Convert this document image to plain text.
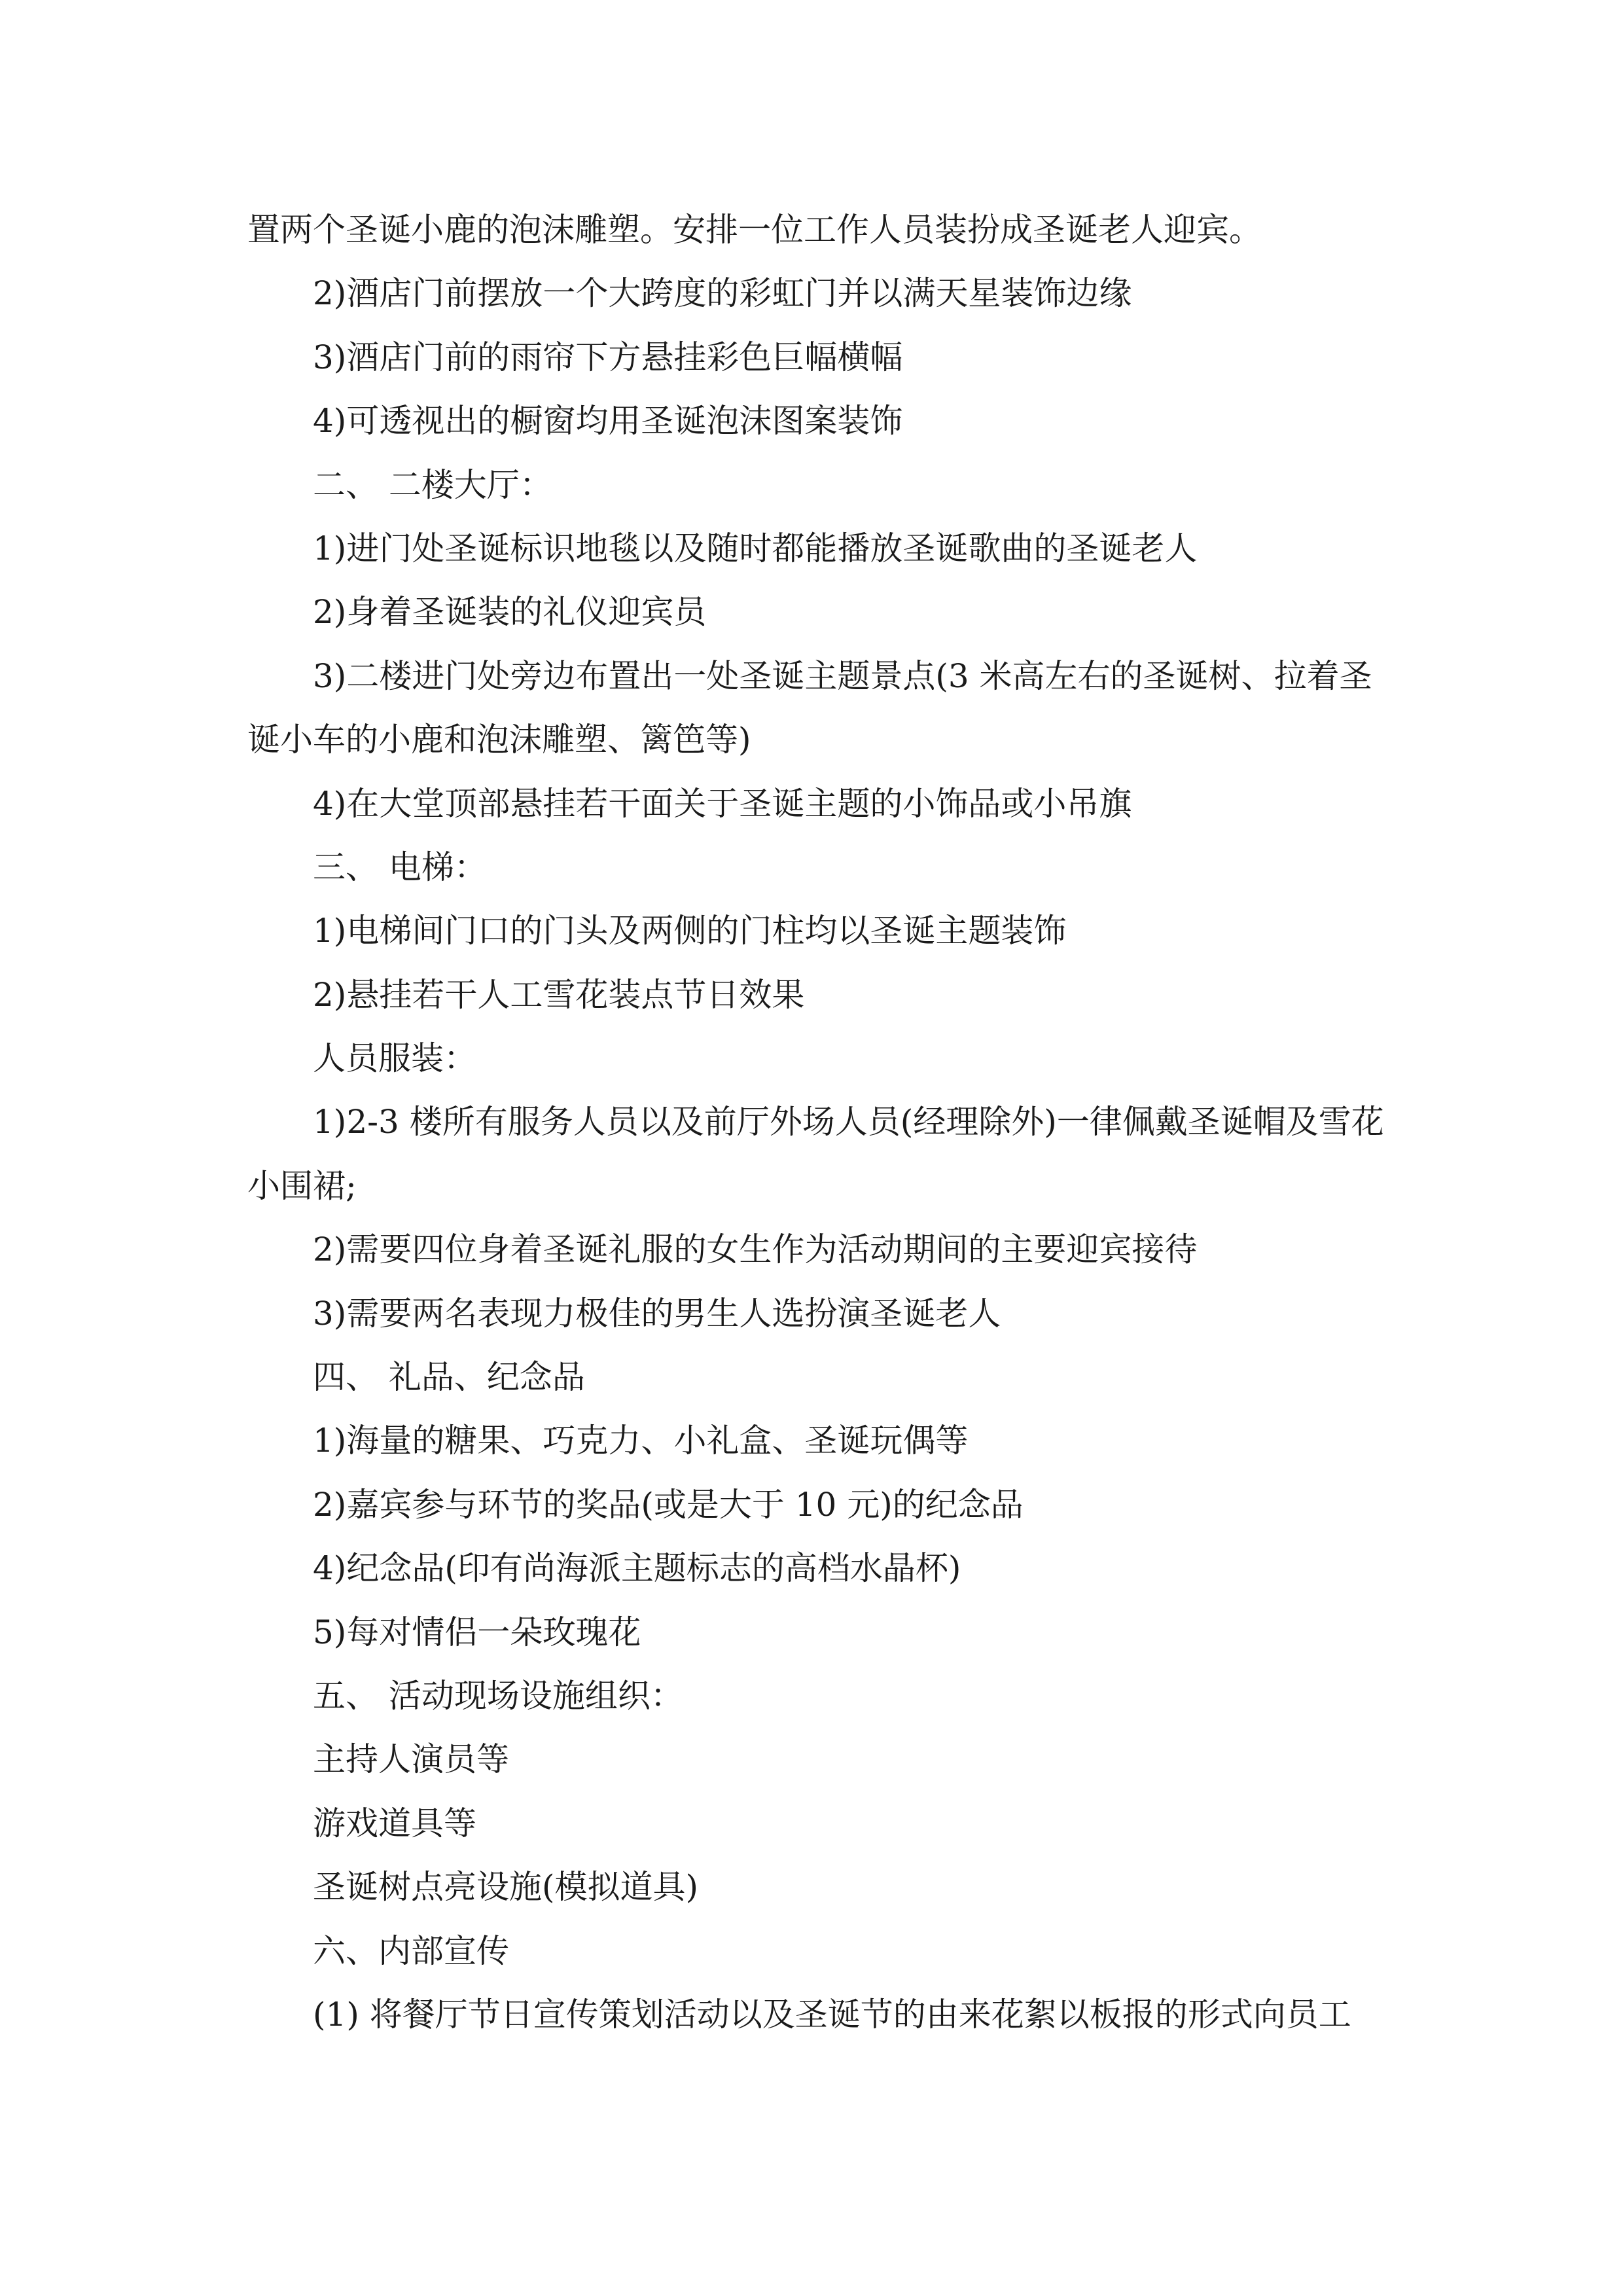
置两个圣诞小鹿的泡沫雕塑。安排一位工作人员装扮成圣诞老人迎宾。

2)酒店门前摆放一个大跨度的彩虹门并以满天星装饰边缘

3)酒店门前的雨帘下方悬挂彩色巨幅横幅

4)可透视出的橱窗均用圣诞泡沫图案装饰

二、 二楼大厅：

1)进门处圣诞标识地毯以及随时都能播放圣诞歌曲的圣诞老人

2)身着圣诞装的礼仪迎宾员

3)二楼进门处旁边布置出一处圣诞主题景点(3 米高左右的圣诞树、拉着圣

诞小车的小鹿和泡沫雕塑、篱笆等)

4)在大堂顶部悬挂若干面关于圣诞主题的小饰品或小吊旗

三、 电梯：

1)电梯间门口的门头及两侧的门柱均以圣诞主题装饰

2)悬挂若干人工雪花装点节日效果

人员服装：

1)2-3 楼所有服务人员以及前厅外场人员(经理除外)一律佩戴圣诞帽及雪花

小围裙;

2)需要四位身着圣诞礼服的女生作为活动期间的主要迎宾接待

3)需要两名表现力极佳的男生人选扮演圣诞老人

四、 礼品、纪念品

1)海量的糖果、巧克力、小礼盒、圣诞玩偶等

2)嘉宾参与环节的奖品(或是大于 10 元)的纪念品

4)纪念品(印有尚海派主题标志的高档水晶杯)

5)每对情侣一朵玫瑰花

五、 活动现场设施组织：

主持人演员等

游戏道具等

圣诞树点亮设施(模拟道具)

六、内部宣传

(1) 将餐厅节日宣传策划活动以及圣诞节的由来花絮以板报的形式向员工
